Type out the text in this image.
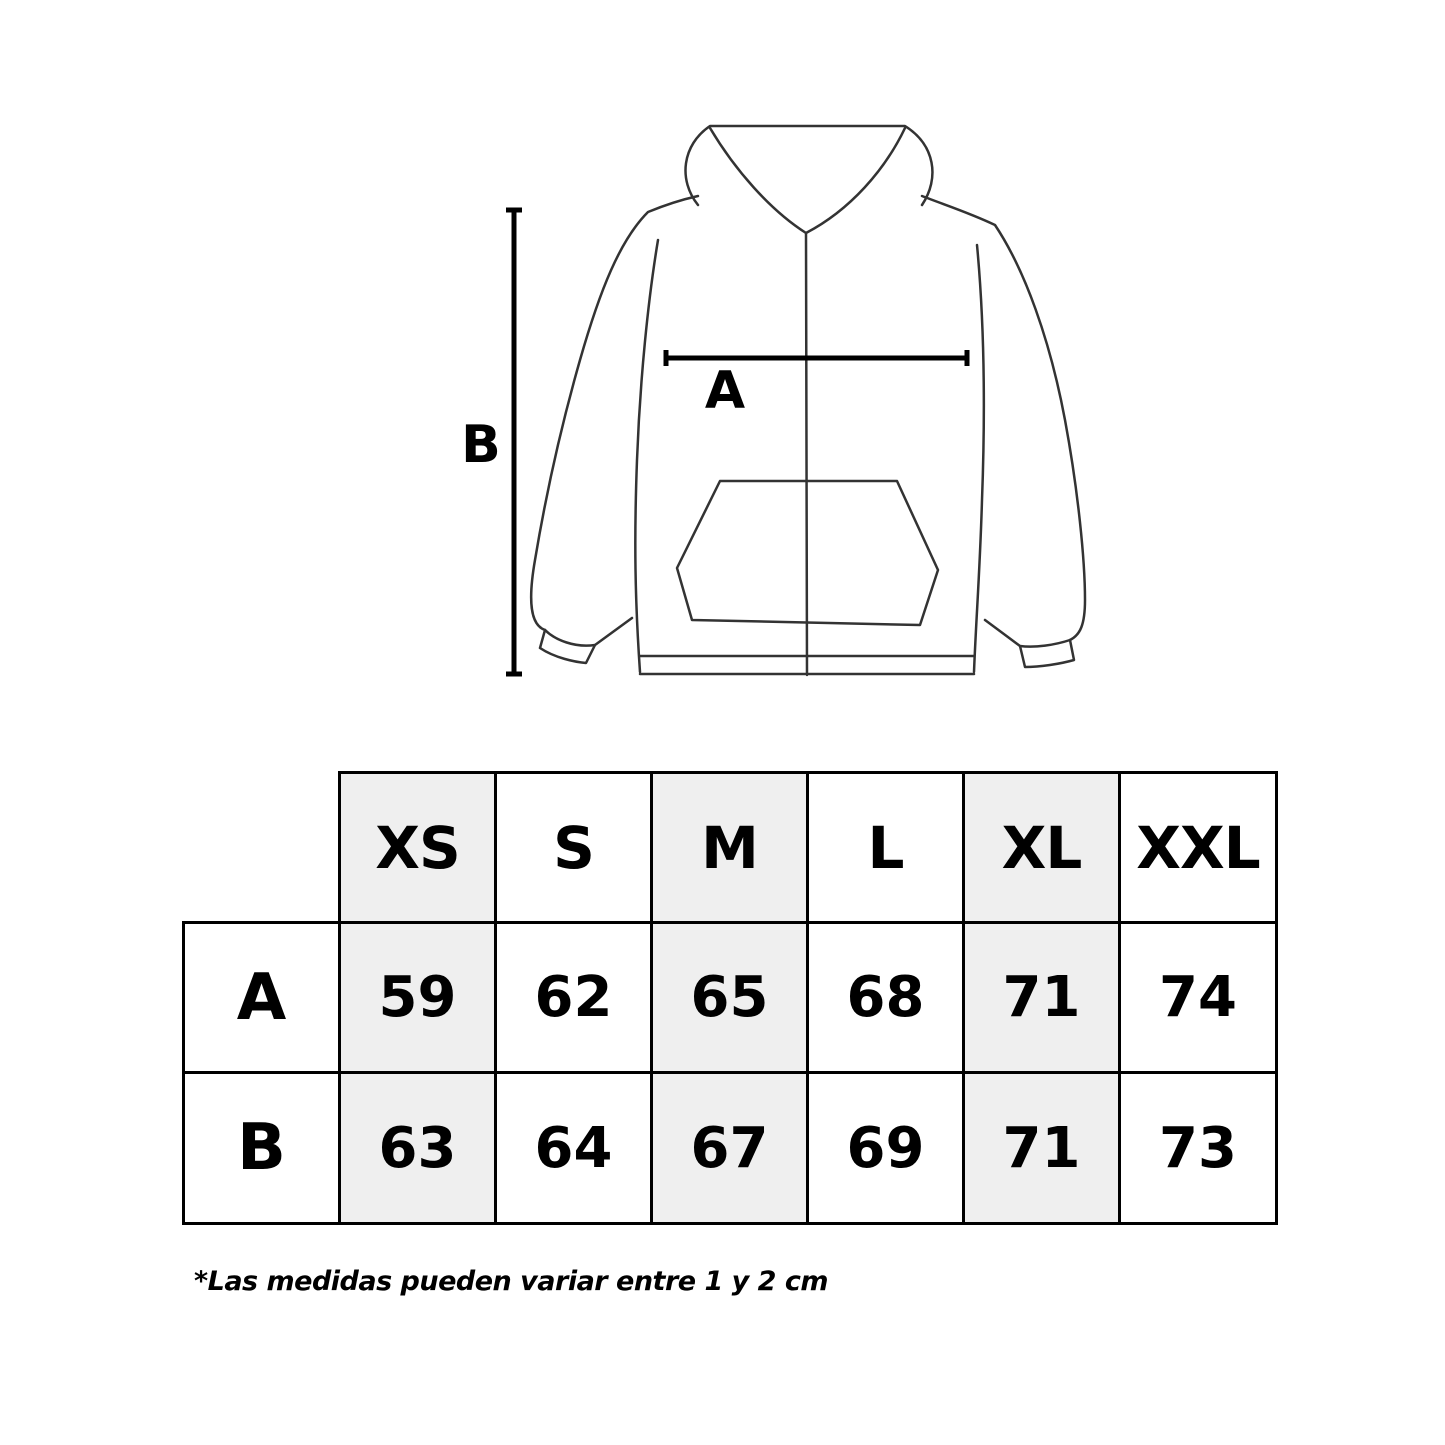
A
B
XS	S	M	L	XL XXL
A	59	62	65	68	71	74
B	63	64	67	69	71	73
*Las medidas pueden variar entre 1 y 2 cm
